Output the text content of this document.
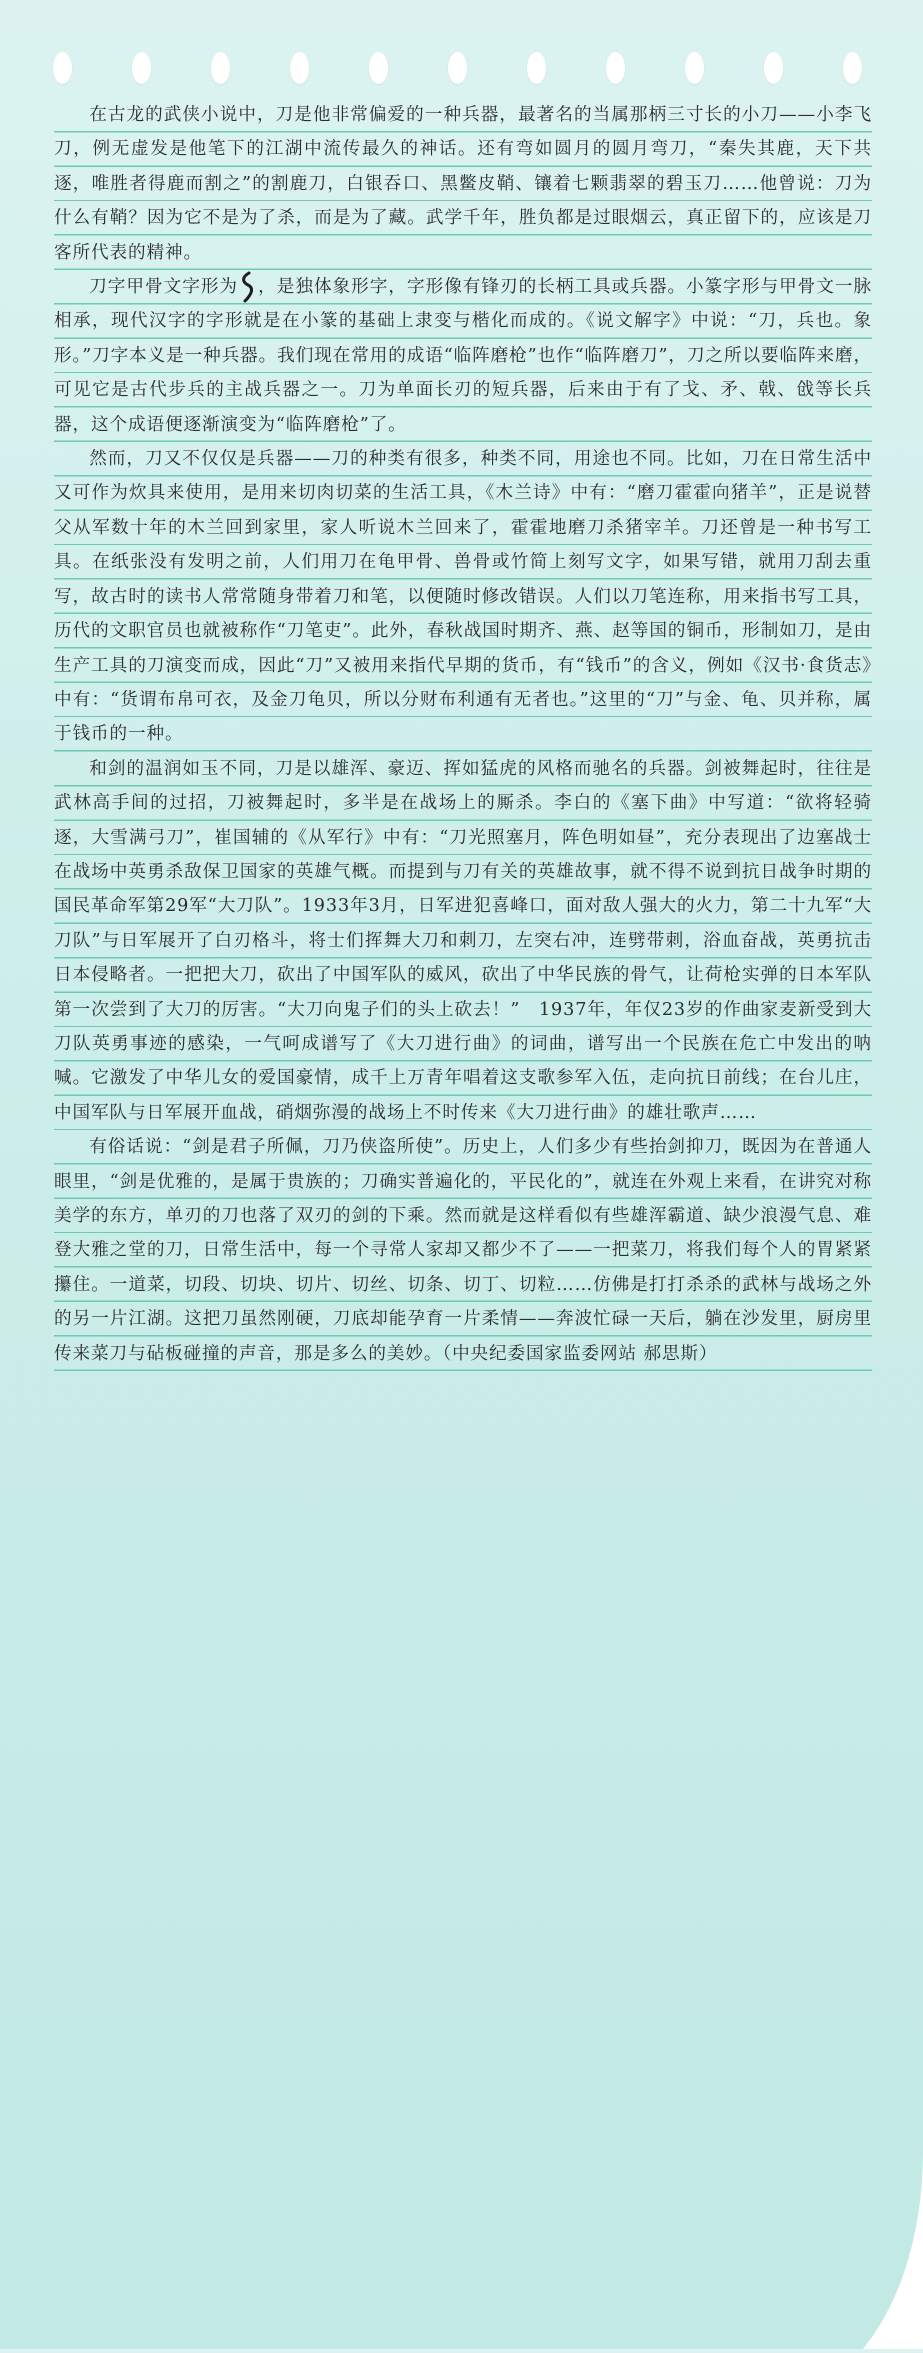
在古龙的武侠小说中，刀是他非常偏爱的一种兵器，最著名的当属那柄三寸长的小刀——小李飞刀，例无虚发是他笔下的江湖中流传最久的神话。还有弯如圆月的圆月弯刀，“秦失其鹿，天下共逐，唯胜者得鹿而割之”的割鹿刀，白银吞口、黑鳖皮鞘、镶着七颗翡翠的碧玉刀……他曾说：刀为什么有鞘？因为它不是为了杀，而是为了藏。武学千年，胜负都是过眼烟云，真正留下的，应该是刀客所代表的精神。

刀字甲骨文字形为 ，是独体象形字，字形像有锋刃的长柄工具或兵器。小篆字形与甲骨文一脉相承，现代汉字的字形就是在小篆的基础上隶变与楷化而成的。《说文解字》中说：“刀，兵也。象形。”刀字本义是一种兵器。我们现在常用的成语“临阵磨枪”也作“临阵磨刀”，刀之所以要临阵来磨，可见它是古代步兵的主战兵器之一。刀为单面长刃的短兵器，后来由于有了戈、矛、戟、戗等长兵器，这个成语便逐渐演变为“临阵磨枪”了。

然而，刀又不仅仅是兵器——刀的种类有很多，种类不同，用途也不同。比如，刀在日常生活中又可作为炊具来使用，是用来切肉切菜的生活工具，《木兰诗》中有：“磨刀霍霍向猪羊”，正是说替父从军数十年的木兰回到家里，家人听说木兰回来了，霍霍地磨刀杀猪宰羊。刀还曾是一种书写工具。在纸张没有发明之前，人们用刀在龟甲骨、兽骨或竹简上刻写文字，如果写错，就用刀刮去重写，故古时的读书人常常随身带着刀和笔，以便随时修改错误。人们以刀笔连称，用来指书写工具，历代的文职官员也就被称作“刀笔吏”。此外，春秋战国时期齐、燕、赵等国的铜币，形制如刀，是由生产工具的刀演变而成，因此“刀”又被用来指代早期的货币，有“钱币”的含义，例如《汉书·食货志》中有：“货谓布帛可衣，及金刀龟贝，所以分财布利通有无者也。”这里的“刀”与金、龟、贝并称，属于钱币的一种。

和剑的温润如玉不同，刀是以雄浑、豪迈、挥如猛虎的风格而驰名的兵器。剑被舞起时，往往是武林高手间的过招，刀被舞起时，多半是在战场上的厮杀。李白的《塞下曲》中写道：“欲将轻骑逐，大雪满弓刀”，崔国辅的《从军行》中有：“刀光照塞月，阵色明如昼”，充分表现出了边塞战士在战场中英勇杀敌保卫国家的英雄气概。而提到与刀有关的英雄故事，就不得不说到抗日战争时期的国民革命军第29军“大刀队”。1933年3月，日军进犯喜峰口，面对敌人强大的火力，第二十九军“大刀队”与日军展开了白刃格斗，将士们挥舞大刀和刺刀，左突右冲，连劈带刺，浴血奋战，英勇抗击日本侵略者。一把把大刀，砍出了中国军队的威风，砍出了中华民族的骨气，让荷枪实弹的日本军队第一次尝到了大刀的厉害。“大刀向鬼子们的头上砍去！”　1937年，年仅23岁的作曲家麦新受到大刀队英勇事迹的感染，一气呵成谱写了《大刀进行曲》的词曲，谱写出一个民族在危亡中发出的呐喊。它激发了中华儿女的爱国豪情，成千上万青年唱着这支歌参军入伍，走向抗日前线；在台儿庄，中国军队与日军展开血战，硝烟弥漫的战场上不时传来《大刀进行曲》的雄壮歌声……

有俗话说：“剑是君子所佩，刀乃侠盗所使”。历史上，人们多少有些抬剑抑刀，既因为在普通人眼里，“剑是优雅的，是属于贵族的；刀确实普遍化的，平民化的”，就连在外观上来看，在讲究对称美学的东方，单刃的刀也落了双刃的剑的下乘。然而就是这样看似有些雄浑霸道、缺少浪漫气息、难登大雅之堂的刀，日常生活中，每一个寻常人家却又都少不了——一把菜刀，将我们每个人的胃紧紧攥住。一道菜，切段、切块、切片、切丝、切条、切丁、切粒……仿佛是打打杀杀的武林与战场之外的另一片江湖。这把刀虽然刚硬，刀底却能孕育一片柔情——奔波忙碌一天后，躺在沙发里，厨房里传来菜刀与砧板碰撞的声音，那是多么的美妙。（中央纪委国家监委网站 郝思斯）
